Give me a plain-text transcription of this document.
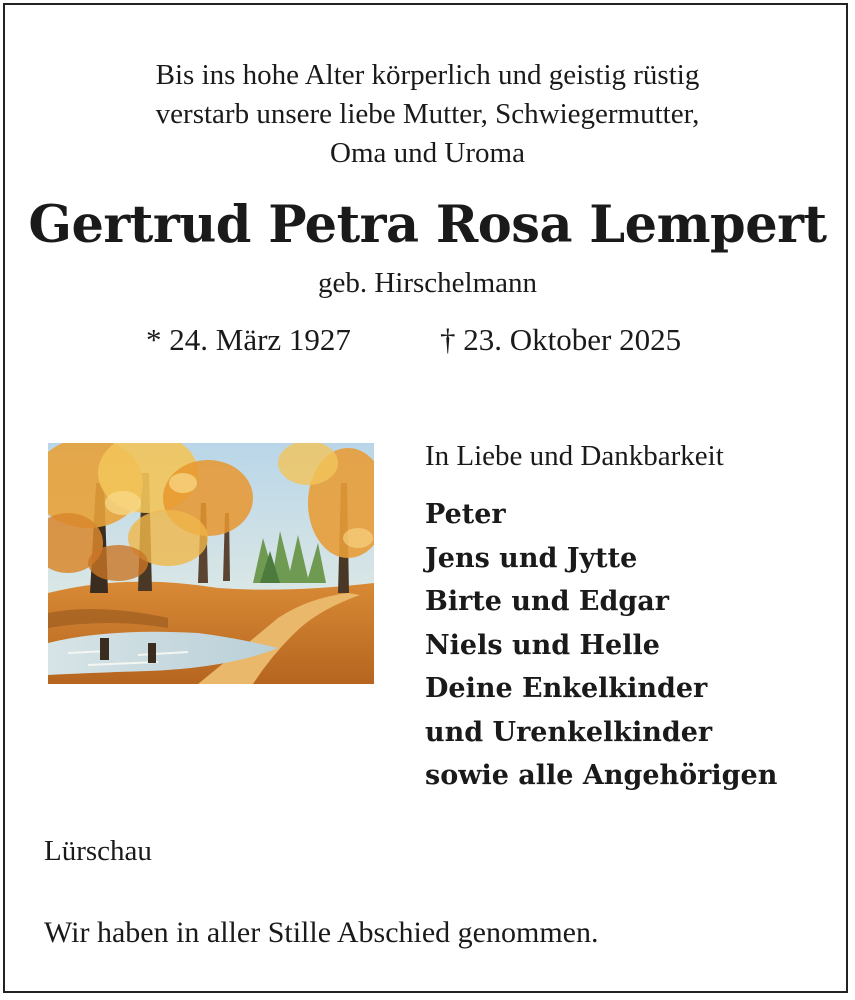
Bis ins hohe Alter körperlich und geistig rüstig
verstarb unsere liebe Mutter, Schwiegermutter,
Oma und Uroma
Gertrud Petra Rosa Lempert
geb. Hirschelmann
* 24. März 1927	† 23. Oktober 2025
In Liebe und Dankbarkeit
Peter
Jens und Jytte
Birte und Edgar
Niels und Helle
Deine Enkelkinder
und Urenkelkinder
sowie alle Angehörigen
Lürschau
Wir haben in aller Stille Abschied genommen.
